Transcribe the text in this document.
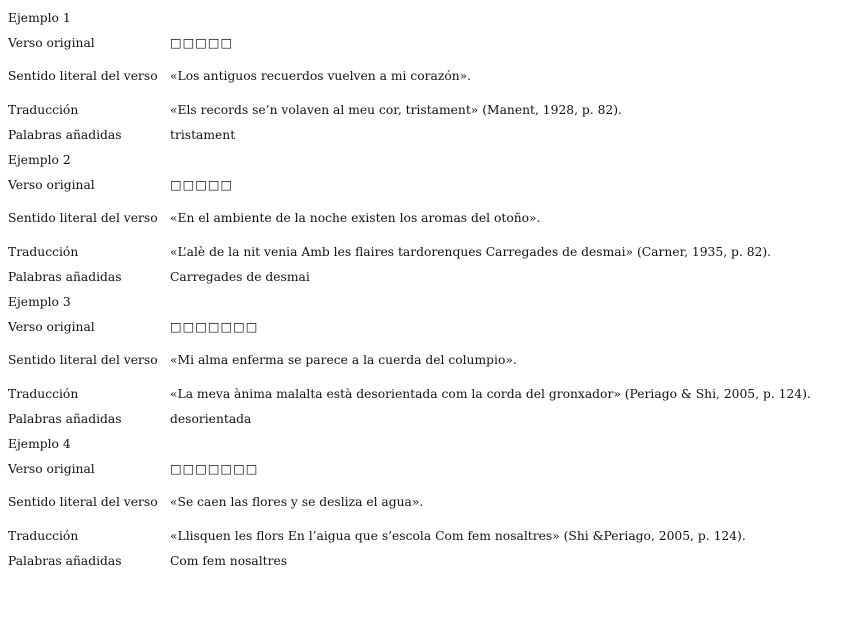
Ejemplo 1
Verso original	□□□□□
Sentido literal del verso «Los antiguos recuerdos vuelven a mi corazón».
Traducción	«Els records se’n volaven al meu cor, tristament» (Manent, 1928, p. 82).
Palabras añadidas	tristament
Ejemplo 2
Verso original	□□□□□
Sentido literal del verso «En el ambiente de la noche existen los aromas del otoño».
Traducción	«L’alè de la nit venia Amb les flaires tardorenques Carregades de desmai» (Carner, 1935, p. 82).
Palabras añadidas	Carregades de desmai
Ejemplo 3
Verso original	□□□□□□□
Sentido literal del verso «Mi alma enferma se parece a la cuerda del columpio».
Traducción	«La meva ànima malalta està desorientada com la corda del gronxador» (Periago & Shi, 2005, p. 124).
Palabras añadidas	desorientada
Ejemplo 4
Verso original	□□□□□□□
Sentido literal del verso «Se caen las flores y se desliza el agua».
Traducción	«Llisquen les flors En l’aigua que s’escola Com fem nosaltres» (Shi &Periago, 2005, p. 124).
Palabras añadidas	Com fem nosaltres
